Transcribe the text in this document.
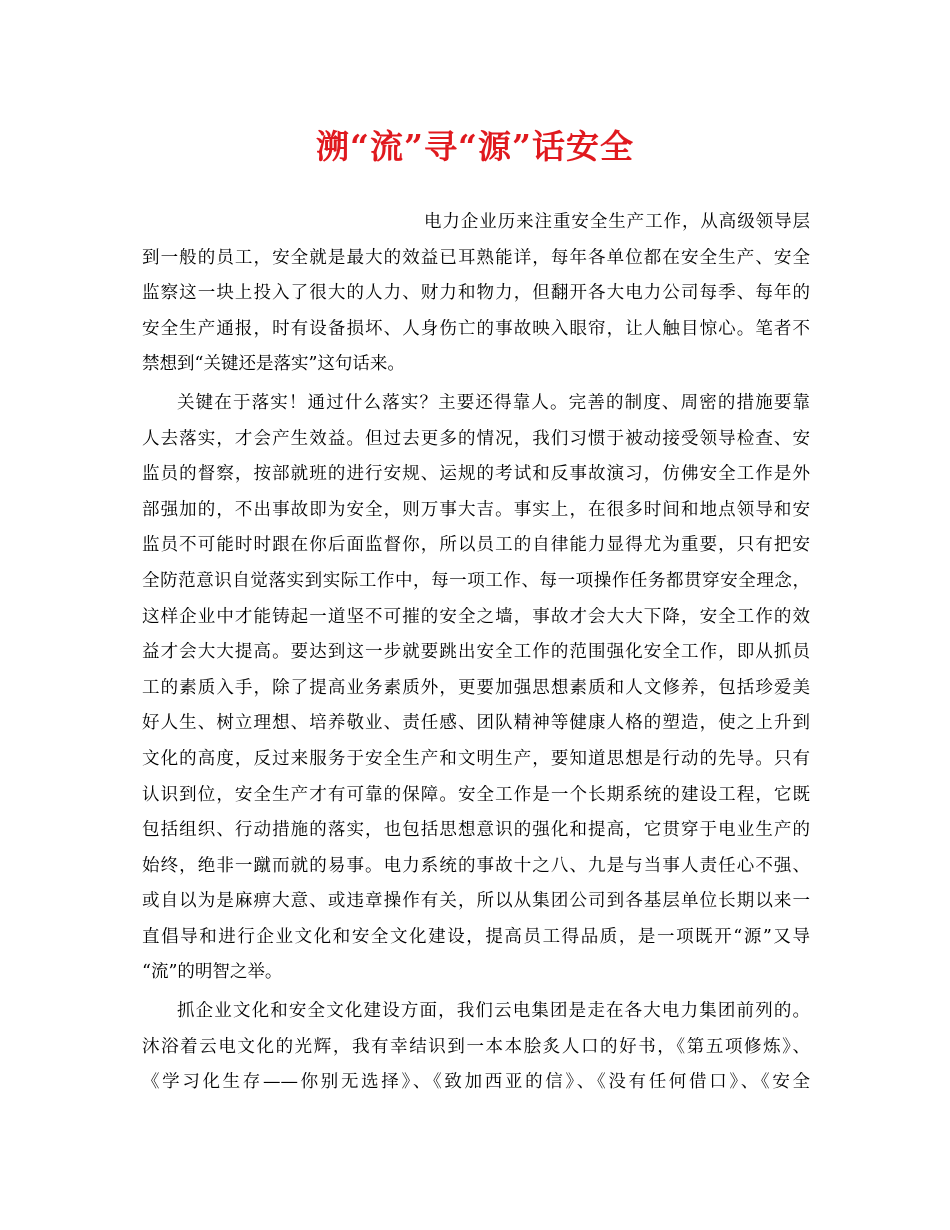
溯“流”寻“源”话安全
电力企业历来注重安全生产工作，从高级领导层
到一般的员工，安全就是最大的效益已耳熟能详，每年各单位都在安全生产、安全
监察这一块上投入了很大的人力、财力和物力，但翻开各大电力公司每季、每年的
安全生产通报，时有设备损坏、人身伤亡的事故映入眼帘，让人触目惊心。笔者不
禁想到“关键还是落实”这句话来。
关键在于落实！通过什么落实？主要还得靠人。完善的制度、周密的措施要靠
人去落实，才会产生效益。但过去更多的情况，我们习惯于被动接受领导检查、安
监员的督察，按部就班的进行安规、运规的考试和反事故演习，仿佛安全工作是外
部强加的，不出事故即为安全，则万事大吉。事实上，在很多时间和地点领导和安
监员不可能时时跟在你后面监督你，所以员工的自律能力显得尤为重要，只有把安
全防范意识自觉落实到实际工作中，每一项工作、每一项操作任务都贯穿安全理念，
这样企业中才能铸起一道坚不可摧的安全之墙，事故才会大大下降，安全工作的效
益才会大大提高。要达到这一步就要跳出安全工作的范围强化安全工作，即从抓员
工的素质入手，除了提高业务素质外，更要加强思想素质和人文修养，包括珍爱美
好人生、树立理想、培养敬业、责任感、团队精神等健康人格的塑造，使之上升到
文化的高度，反过来服务于安全生产和文明生产，要知道思想是行动的先导。只有
认识到位，安全生产才有可靠的保障。安全工作是一个长期系统的建设工程，它既
包括组织、行动措施的落实，也包括思想意识的强化和提高，它贯穿于电业生产的
始终，绝非一蹴而就的易事。电力系统的事故十之八、九是与当事人责任心不强、
或自以为是麻痹大意、或违章操作有关，所以从集团公司到各基层单位长期以来一
直倡导和进行企业文化和安全文化建设，提高员工得品质，是一项既开“源”又导
“流”的明智之举。
抓企业文化和安全文化建设方面，我们云电集团是走在各大电力集团前列的。
沐浴着云电文化的光辉，我有幸结识到一本本脍炙人口的好书，《第五项修炼》、
《学习化生存——你别无选择》、《致加西亚的信》、《没有任何借口》、《安全
